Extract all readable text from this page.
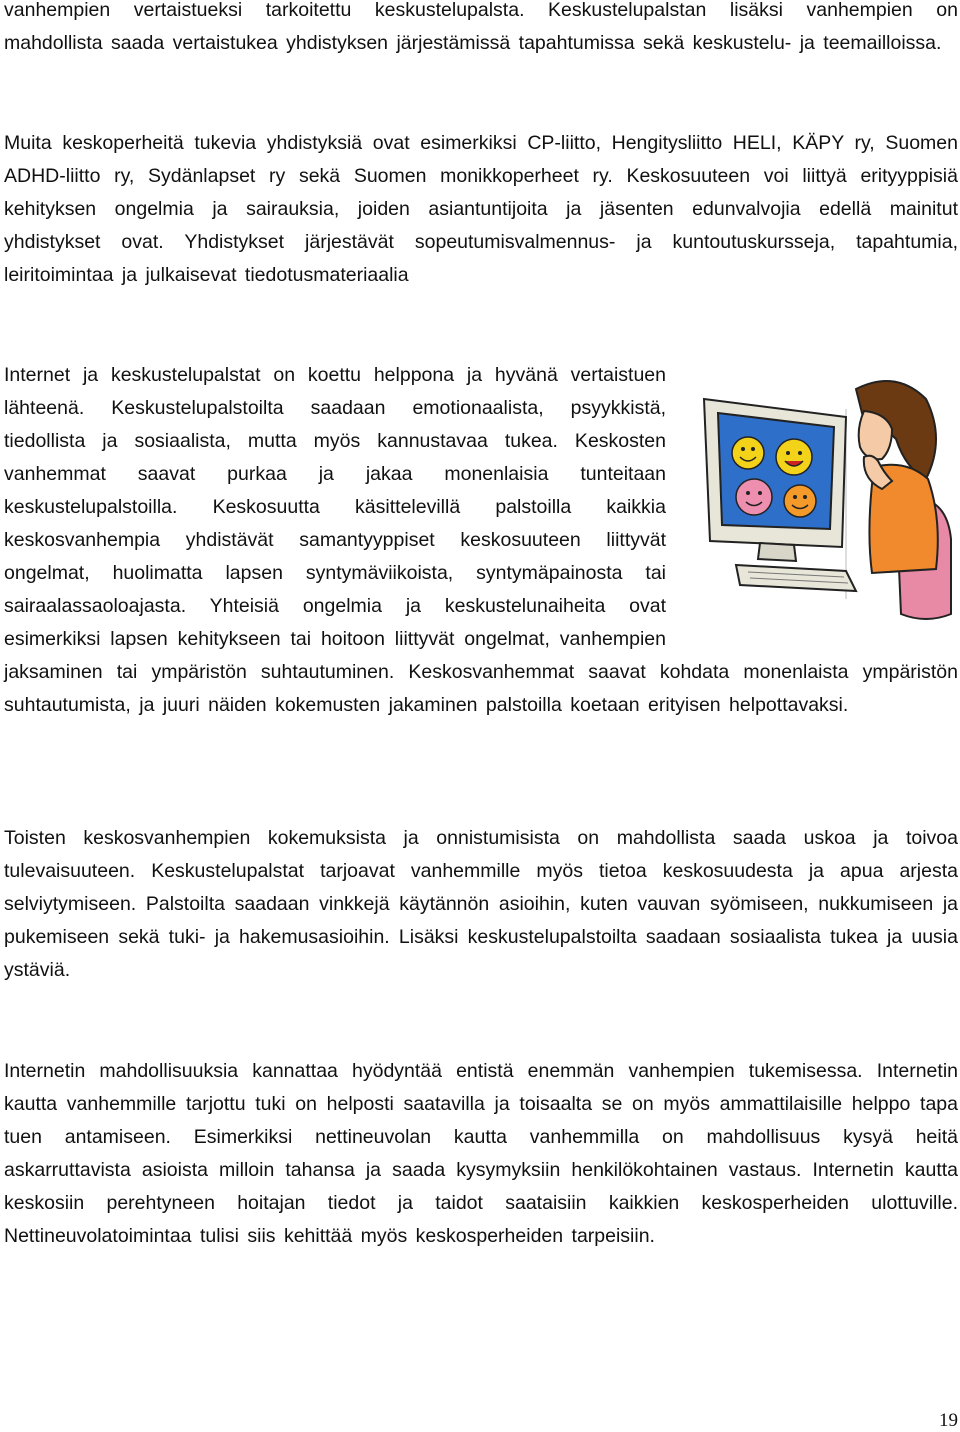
vanhempien vertaistueksi tarkoitettu keskustelupalsta. Keskustelupalstan lisäksi vanhempien on mahdollista saada vertaistukea yhdistyksen järjestämissä tapahtumissa sekä keskustelu- ja teemailloissa.

Muita keskoperheitä tukevia yhdistyksiä ovat esimerkiksi CP-liitto, Hengitysliitto HELI, KÄPY ry, Suomen ADHD-liitto ry, Sydänlapset ry sekä Suomen monikkoperheet ry. Keskosuuteen voi liittyä erityyppisiä kehityksen ongelmia ja sairauksia, joiden asiantuntijoita ja jäsenten edunvalvojia edellä mainitut yhdistykset ovat. Yhdistykset järjestävät sopeutumisvalmennus- ja kuntoutuskursseja, tapahtumia, leiritoimintaa ja julkaisevat tiedotusmateriaalia

Internet ja keskustelupalstat on koettu helppona ja hyvänä vertaistuen lähteenä. Keskustelupalstoilta saadaan emotionaalista, psyykkistä, tiedollista ja sosiaalista, mutta myös kannustavaa tukea. Keskosten vanhemmat saavat purkaa ja jakaa monenlaisia tunteitaan keskustelupalstoilla. Keskosuutta käsittelevillä palstoilla kaikkia keskosvanhempia yhdistävät samantyyppiset keskosuuteen liittyvät ongelmat, huolimatta lapsen syntymäviikoista, syntymäpainosta tai sairaalassaoloajasta. Yhteisiä ongelmia ja keskustelunaiheita ovat esimerkiksi lapsen kehitykseen tai hoitoon liittyvät ongelmat, vanhempien jaksaminen tai ympäristön suhtautuminen. Keskosvanhemmat saavat kohdata monenlaista ympäristön suhtautumista, ja juuri näiden kokemusten jakaminen palstoilla koetaan erityisen helpottavaksi.

Toisten keskosvanhempien kokemuksista ja onnistumisista on mahdollista saada uskoa ja toivoa tulevaisuuteen. Keskustelupalstat tarjoavat vanhemmille myös tietoa keskosuudesta ja apua arjesta selviytymiseen. Palstoilta saadaan vinkkejä käytännön asioihin, kuten vauvan syömiseen, nukkumiseen ja pukemiseen sekä tuki- ja hakemusasioihin. Lisäksi keskustelupalstoilta saadaan sosiaalista tukea ja uusia ystäviä.

Internetin mahdollisuuksia kannattaa hyödyntää entistä enemmän vanhempien tukemisessa. Internetin kautta vanhemmille tarjottu tuki on helposti saatavilla ja toisaalta se on myös ammattilaisille helppo tapa tuen antamiseen. Esimerkiksi nettineuvolan kautta vanhemmilla on mahdollisuus kysyä heitä askarruttavista asioista milloin tahansa ja saada kysymyksiin henkilökohtainen vastaus. Internetin kautta keskosiin perehtyneen hoitajan tiedot ja taidot saataisiin kaikkien keskosperheiden ulottuville. Nettineuvolatoimintaa tulisi siis kehittää myös keskosperheiden tarpeisiin.

19
